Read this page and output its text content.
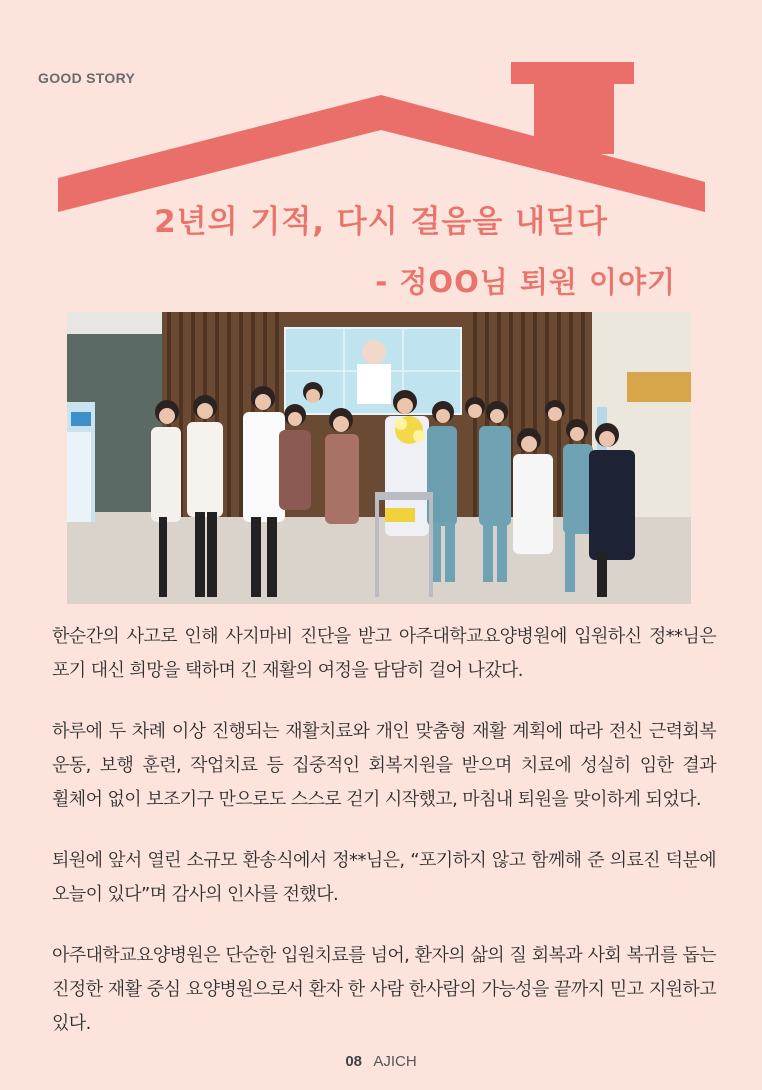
GOOD STORY
2년의 기적, 다시 걸음을 내딛다
- 정OO님 퇴원 이야기

한순간의 사고로 인해 사지마비 진단을 받고 아주대학교요양병원에 입원하신 정**님은 포기 대신 희망을 택하며 긴 재활의 여정을 담담히 걸어 나갔다.

하루에 두 차례 이상 진행되는 재활치료와 개인 맞춤형 재활 계획에 따라 전신 근력회복 운동, 보행 훈련, 작업치료 등 집중적인 회복지원을 받으며 치료에 성실히 임한 결과 휠체어 없이 보조기구 만으로도 스스로 걷기 시작했고, 마침내 퇴원을 맞이하게 되었다.

퇴원에 앞서 열린 소규모 환송식에서 정**님은, “포기하지 않고 함께해 준 의료진 덕분에 오늘이 있다”며 감사의 인사를 전했다.

아주대학교요양병원은 단순한 입원치료를 넘어, 환자의 삶의 질 회복과 사회 복귀를 돕는 진정한 재활 중심 요양병원으로서 환자 한 사람 한사람의 가능성을 끝까지 믿고 지원하고 있다.

08 AJICH
